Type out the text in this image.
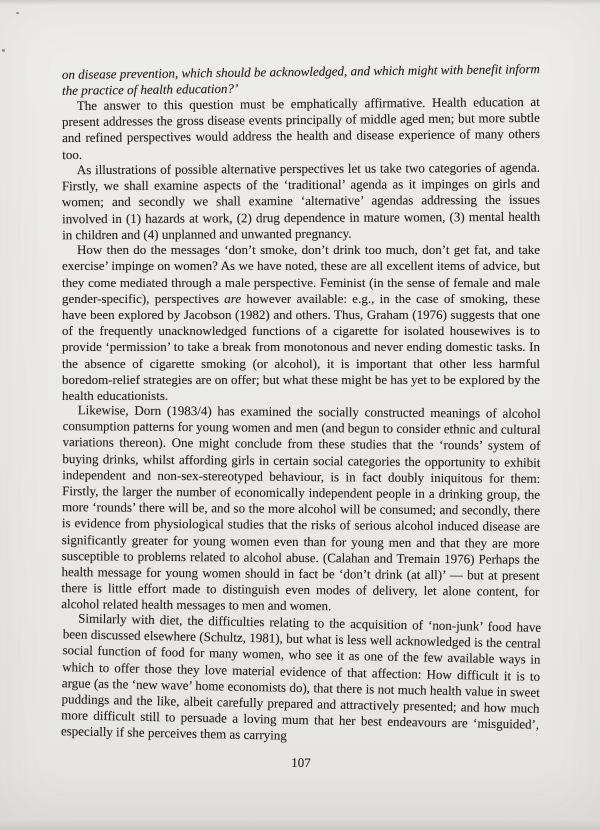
on disease prevention, which should be acknowledged, and which might with benefit inform the practice of health education?’

The answer to this question must be emphatically affirmative. Health education at present addresses the gross disease events principally of middle aged men; but more subtle and refined perspectives would address the health and disease experience of many others too.

As illustrations of possible alternative perspectives let us take two categories of agenda. Firstly, we shall examine aspects of the ‘traditional’ agenda as it impinges on girls and women; and secondly we shall examine ‘alternative’ agendas addressing the issues involved in (1) hazards at work, (2) drug dependence in mature women, (3) mental health in children and (4) unplanned and unwanted pregnancy.

How then do the messages ‘don’t smoke, don’t drink too much, don’t get fat, and take exercise’ impinge on women? As we have noted, these are all excellent items of advice, but they come mediated through a male perspective. Feminist (in the sense of female and male gender-specific), perspectives are however available: e.g., in the case of smoking, these have been explored by Jacobson (1982) and others. Thus, Graham (1976) suggests that one of the frequently unacknowledged functions of a cigarette for isolated housewives is to provide ‘permission’ to take a break from monotonous and never ending domestic tasks. In the absence of cigarette smoking (or alcohol), it is important that other less harmful boredom-relief strategies are on offer; but what these might be has yet to be explored by the health educationists.

Likewise, Dorn (1983/4) has examined the socially constructed meanings of alcohol consumption patterns for young women and men (and begun to consider ethnic and cultural variations thereon). One might conclude from these studies that the ‘rounds’ system of buying drinks, whilst affording girls in certain social categories the opportunity to exhibit independent and non-sex-stereotyped behaviour, is in fact doubly iniquitous for them: Firstly, the larger the number of economically independent people in a drinking group, the more ‘rounds’ there will be, and so the more alcohol will be consumed; and secondly, there is evidence from physiological studies that the risks of serious alcohol induced disease are significantly greater for young women even than for young men and that they are more susceptible to problems related to alcohol abuse. (Calahan and Tremain 1976) Perhaps the health message for young women should in fact be ‘don’t drink (at all)’ — but at present there is little effort made to distinguish even modes of delivery, let alone content, for alcohol related health messages to men and women.

Similarly with diet, the difficulties relating to the acquisition of ‘non-junk’ food have been discussed elsewhere (Schultz, 1981), but what is less well acknowledged is the central social function of food for many women, who see it as one of the few available ways in which to offer those they love material evidence of that affection: How difficult it is to argue (as the ‘new wave’ home economists do), that there is not much health value in sweet puddings and the like, albeit carefully prepared and attractively presented; and how much more difficult still to persuade a loving mum that her best endeavours are ‘misguided’, especially if she perceives them as carrying

107
